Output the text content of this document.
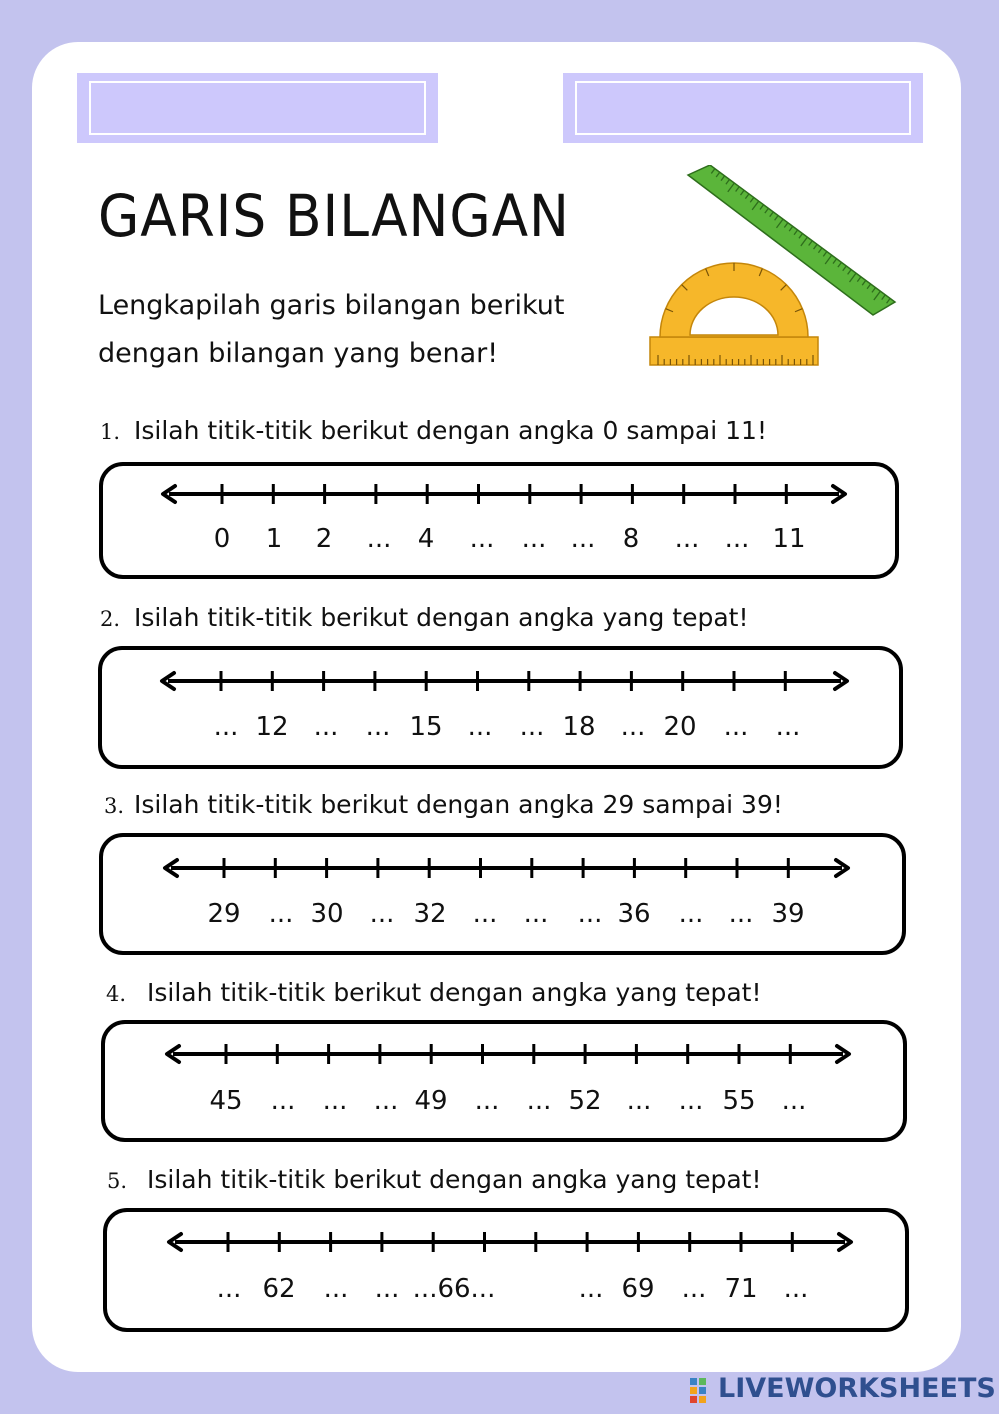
GARIS BILANGAN

Lengkapilah garis bilangan berikut
dengan bilangan yang benar!

1. Isilah titik-titik berikut dengan angka 0 sampai 11!
0 1 2 ... 4 ... ... ... 8 ... ... 11
2. Isilah titik-titik berikut dengan angka yang tepat!
... 12 ... ... 15 ... ... 18 ... 20 ... ...
3. Isilah titik-titik berikut dengan angka 29 sampai 39!
29 ... 30 ... 32 ... ... ... 36 ... ... 39
4. Isilah titik-titik berikut dengan angka yang tepat!
45 ... ... ... 49 ... ... 52 ... ... 55 ...
5. Isilah titik-titik berikut dengan angka yang tepat!
... 62 ... ... ...66...	... 69 ... 71 ...
LIVEWORKSHEETS
